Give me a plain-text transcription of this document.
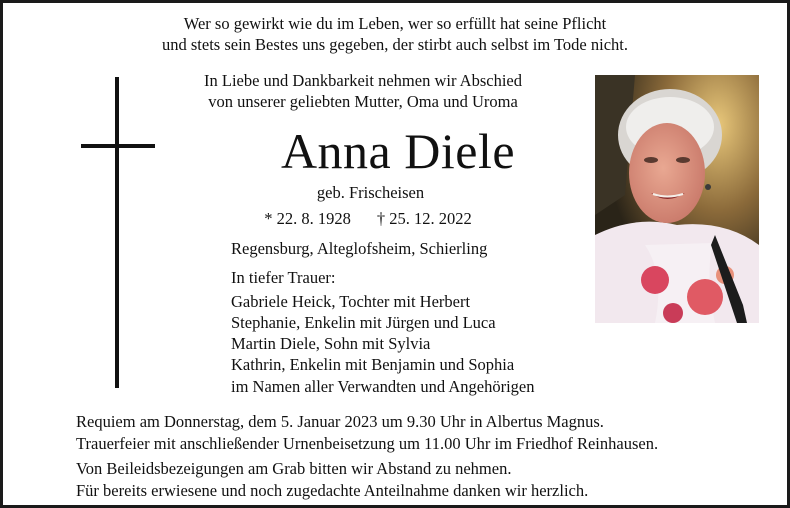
Wer so gewirkt wie du im Leben, wer so erfüllt hat seine Pflicht
und stets sein Bestes uns gegeben, der stirbt auch selbst im Tode nicht.
In Liebe und Dankbarkeit nehmen wir Abschied
von unserer geliebten Mutter, Oma und Uroma
Anna Diele
geb. Frischeisen
* 22. 8. 1928 † 25. 12. 2022
Regensburg, Alteglofsheim, Schierling
In tiefer Trauer:
Gabriele Heick, Tochter mit Herbert
Stephanie, Enkelin mit Jürgen und Luca
Martin Diele, Sohn mit Sylvia
Kathrin, Enkelin mit Benjamin und Sophia
im Namen aller Verwandten und Angehörigen
Requiem am Donnerstag, dem 5. Januar 2023 um 9.30 Uhr in Albertus Magnus.
Trauerfeier mit anschließender Urnenbeisetzung um 11.00 Uhr im Friedhof Reinhausen.
Von Beileidsbezeigungen am Grab bitten wir Abstand zu nehmen.
Für bereits erwiesene und noch zugedachte Anteilnahme danken wir herzlich.
